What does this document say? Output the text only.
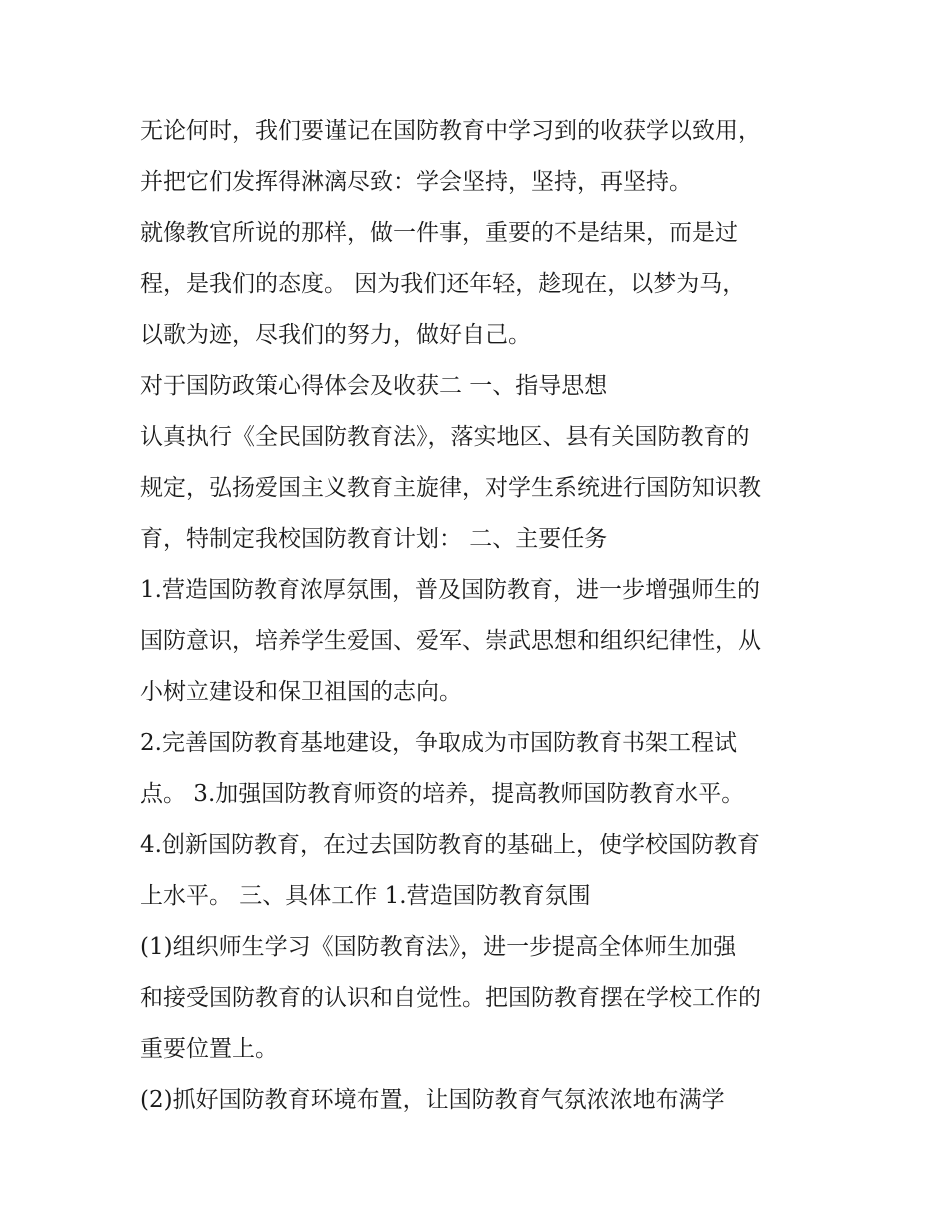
无论何时，我们要谨记在国防教育中学习到的收获学以致用，
并把它们发挥得淋漓尽致：学会坚持，坚持，再坚持。
就像教官所说的那样，做一件事，重要的不是结果，而是过
程，是我们的态度。 因为我们还年轻，趁现在，以梦为马，
以歌为迹，尽我们的努力，做好自己。
对于国防政策心得体会及收获二 一、指导思想
认真执行《全民国防教育法》，落实地区、县有关国防教育的
规定，弘扬爱国主义教育主旋律，对学生系统进行国防知识教
育，特制定我校国防教育计划： 二、主要任务
1.营造国防教育浓厚氛围，普及国防教育，进一步增强师生的
国防意识，培养学生爱国、爱军、崇武思想和组织纪律性，从
小树立建设和保卫祖国的志向。
2.完善国防教育基地建设，争取成为市国防教育书架工程试
点。 3.加强国防教育师资的培养，提高教师国防教育水平。
4.创新国防教育，在过去国防教育的基础上，使学校国防教育
上水平。 三、具体工作 1.营造国防教育氛围
(1)组织师生学习《国防教育法》，进一步提高全体师生加强
和接受国防教育的认识和自觉性。把国防教育摆在学校工作的
重要位置上。
(2)抓好国防教育环境布置，让国防教育气氛浓浓地布满学
